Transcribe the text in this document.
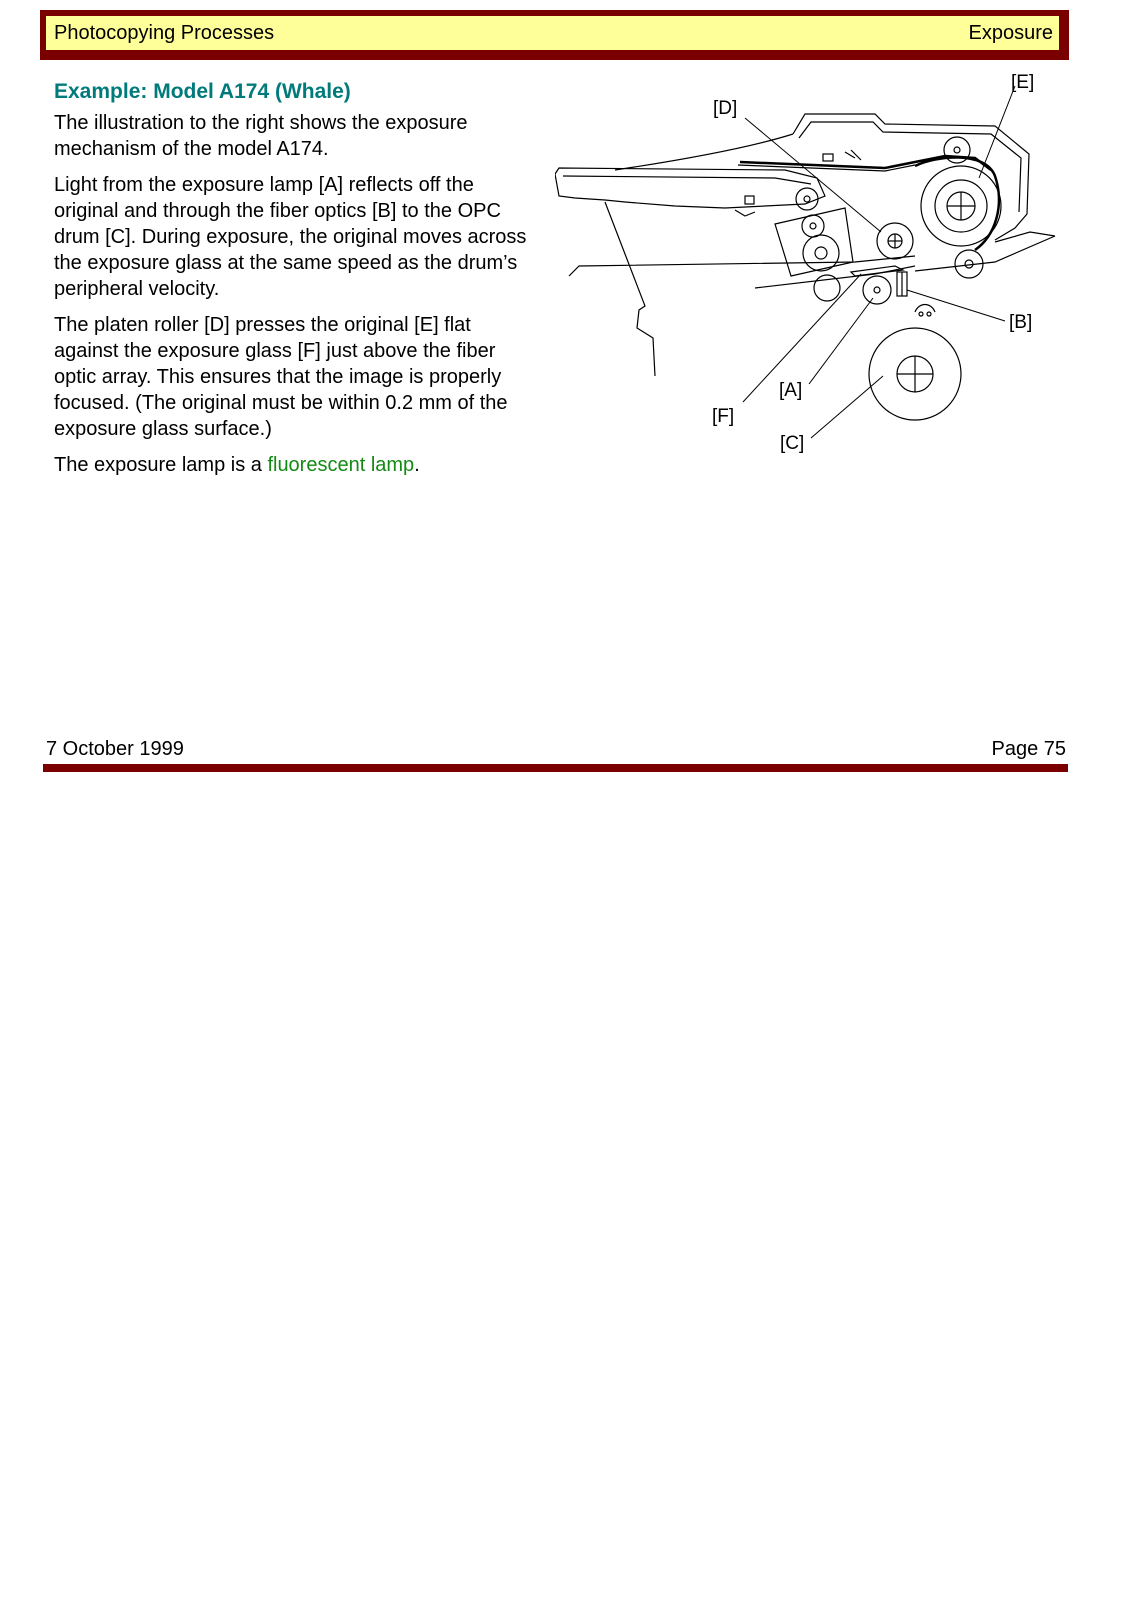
Photocopying Processes	Exposure
Example: Model A174 (Whale)

The illustration to the right shows the exposure mechanism of the model A174.

Light from the exposure lamp [A] reflects off the original and through the fiber optics [B] to the OPC drum [C]. During exposure, the original moves across the exposure glass at the same speed as the drum’s peripheral velocity.

The platen roller [D] presses the original [E] flat against the exposure glass [F] just above the fiber optic array. This ensures that the image is properly focused. (The original must be within 0.2 mm of the exposure glass surface.)

The exposure lamp is a fluorescent lamp.

[D]
[E]
[B]
[A]
[F]
[C]
7 October 1999	Page 75
